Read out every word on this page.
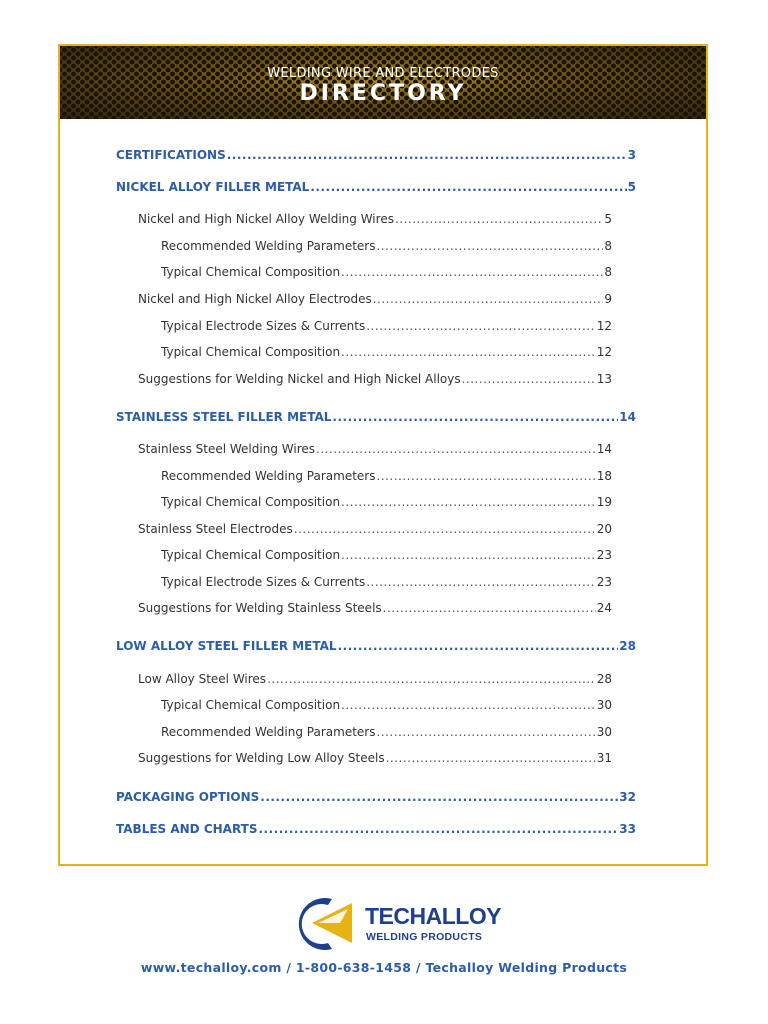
WELDING WIRE AND ELECTRODES
DIRECTORY
CERTIFICATIONS .....	3
NICKEL ALLOY FILLER METAL .....	5
Nickel and High Nickel Alloy Welding Wires .....	5
Recommended Welding Parameters .....	8
Typical Chemical Composition .....	8
Nickel and High Nickel Alloy Electrodes .....	9
Typical Electrode Sizes & Currents .....	12
Typical Chemical Composition .....	12
Suggestions for Welding Nickel and High Nickel Alloys .....	13
STAINLESS STEEL FILLER METAL .....	14
Stainless Steel Welding Wires .....	14
Recommended Welding Parameters .....	18
Typical Chemical Composition .....	19
Stainless Steel Electrodes .....	20
Typical Chemical Composition .....	23
Typical Electrode Sizes & Currents .....	23
Suggestions for Welding Stainless Steels .....	24
LOW ALLOY STEEL FILLER METAL .....	28
Low Alloy Steel Wires .....	28
Typical Chemical Composition .....	30
Recommended Welding Parameters .....	30
Suggestions for Welding Low Alloy Steels .....	31
PACKAGING OPTIONS .....	32
TABLES AND CHARTS .....	33
TECHALLOY
WELDING PRODUCTS
www.techalloy.com / 1-800-638-1458 / Techalloy Welding Products
